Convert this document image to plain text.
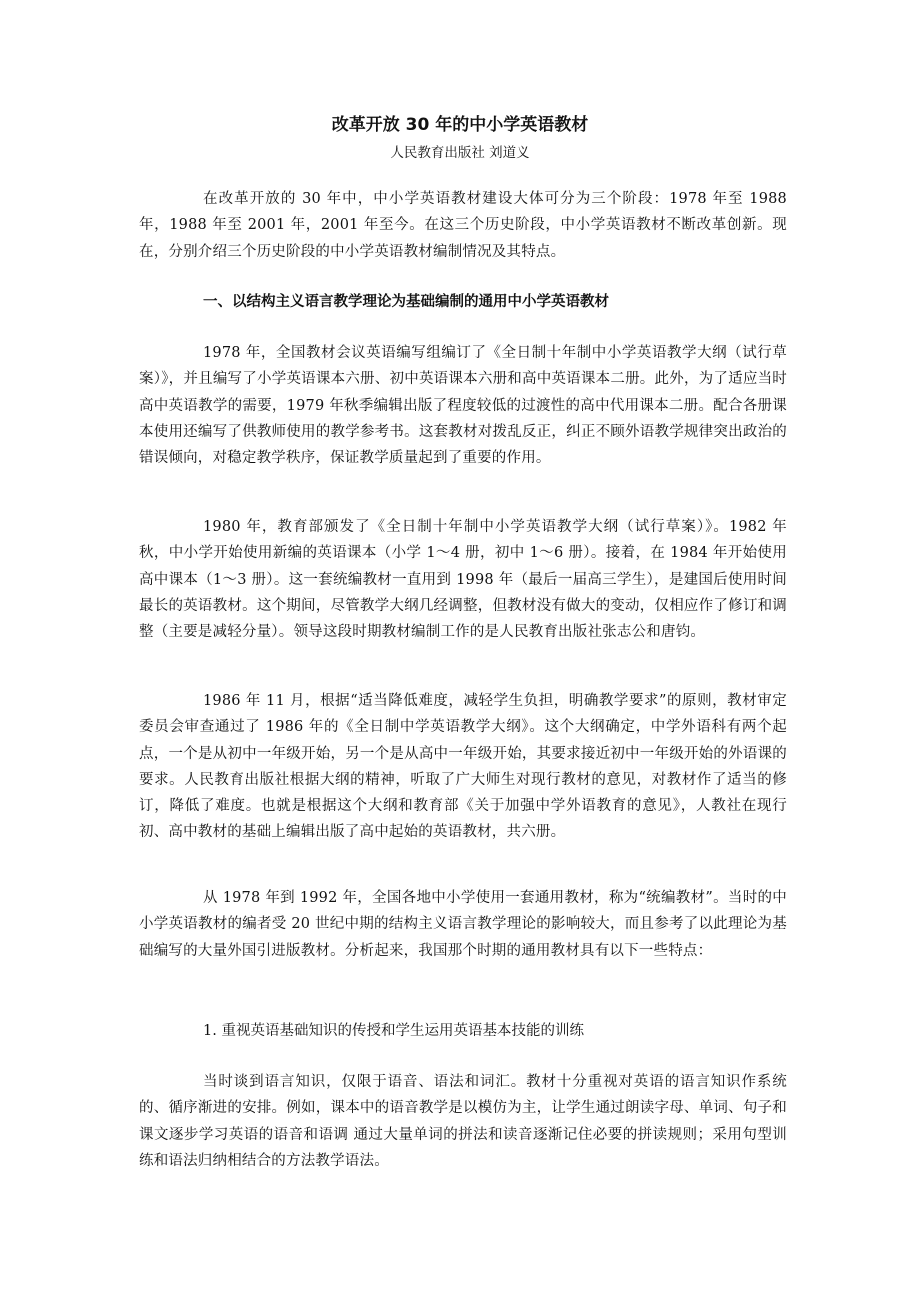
改革开放 30 年的中小学英语教材

人民教育出版社 刘道义

在改革开放的 30 年中，中小学英语教材建设大体可分为三个阶段：1978 年至 1988 年，1988 年至 2001 年，2001 年至今。在这三个历史阶段，中小学英语教材不断改革创新。现在，分别介绍三个历史阶段的中小学英语教材编制情况及其特点。

一、以结构主义语言教学理论为基础编制的通用中小学英语教材

1978 年，全国教材会议英语编写组编订了《全日制十年制中小学英语教学大纲（试行草案）》，并且编写了小学英语课本六册、初中英语课本六册和高中英语课本二册。此外，为了适应当时高中英语教学的需要，1979 年秋季编辑出版了程度较低的过渡性的高中代用课本二册。配合各册课本使用还编写了供教师使用的教学参考书。这套教材对拨乱反正，纠正不顾外语教学规律突出政治的错误倾向，对稳定教学秩序，保证教学质量起到了重要的作用。

1980 年，教育部颁发了《全日制十年制中小学英语教学大纲（试行草案）》。1982 年秋，中小学开始使用新编的英语课本（小学 1～4 册，初中 1～6 册）。接着，在 1984 年开始使用高中课本（1～3 册）。这一套统编教材一直用到 1998 年（最后一届高三学生），是建国后使用时间最长的英语教材。这个期间，尽管教学大纲几经调整，但教材没有做大的变动，仅相应作了修订和调整（主要是减轻分量）。领导这段时期教材编制工作的是人民教育出版社张志公和唐钧。

1986 年 11 月，根据“适当降低难度，减轻学生负担，明确教学要求”的原则，教材审定委员会审查通过了 1986 年的《全日制中学英语教学大纲》。这个大纲确定，中学外语科有两个起点，一个是从初中一年级开始，另一个是从高中一年级开始，其要求接近初中一年级开始的外语课的要求。人民教育出版社根据大纲的精神，听取了广大师生对现行教材的意见，对教材作了适当的修订，降低了难度。也就是根据这个大纲和教育部《关于加强中学外语教育的意见》，人教社在现行初、高中教材的基础上编辑出版了高中起始的英语教材，共六册。

从 1978 年到 1992 年，全国各地中小学使用一套通用教材，称为“统编教材”。当时的中小学英语教材的编者受 20 世纪中期的结构主义语言教学理论的影响较大，而且参考了以此理论为基础编写的大量外国引进版教材。分析起来，我国那个时期的通用教材具有以下一些特点：

1. 重视英语基础知识的传授和学生运用英语基本技能的训练

当时谈到语言知识，仅限于语音、语法和词汇。教材十分重视对英语的语言知识作系统的、循序渐进的安排。例如，课本中的语音教学是以模仿为主，让学生通过朗读字母、单词、句子和课文逐步学习英语的语音和语调 通过大量单词的拼法和读音逐渐记住必要的拼读规则；采用句型训练和语法归纳相结合的方法教学语法。
